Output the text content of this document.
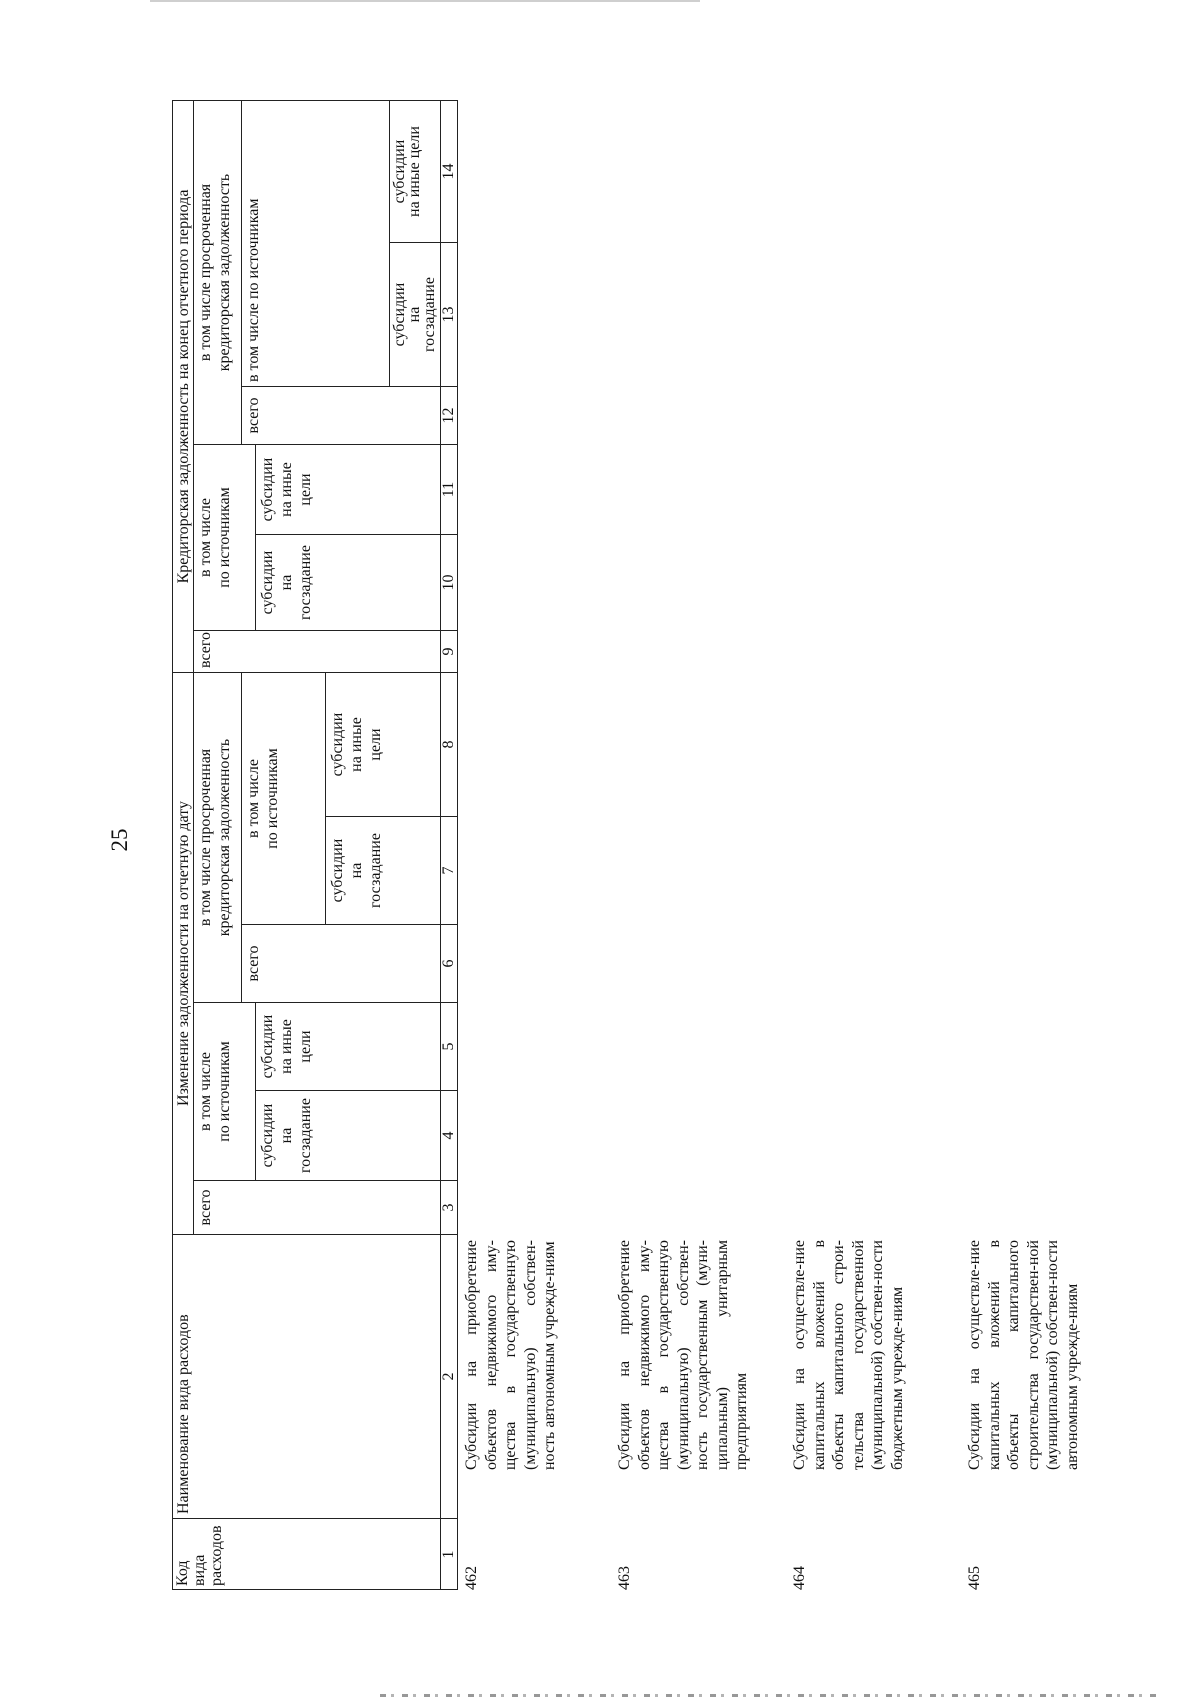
25
Код
вида
расходов
Наименование вида расходов
Изменение задолженности на отчетную дату
Кредиторская задолженность на конец отчетного периода
всего
в том числе
по источникам
субсидии
на
госзадание
субсидии
на иные
цели
в том числе просроченная
кредиторская задолженность
всего
в том числе
по источникам
субсидии
на
госзадание
субсидии
на иные
цели
всего
в том числе
по источникам
субсидии
на
госзадание
субсидии
на иные
цели
в том числе просроченная
кредиторская задолженность
всего
в том числе по источникам	субсидии
на
госзадание
субсидии
на иные цели
1
2
3
4
5
6
7
8
9
10
11
12
13
14
462
Субсидии на приобретение объектов недвижимого иму-щества в государственную (муниципальную) собствен-ность автономным учрежде-ниям
463
Субсидии на приобретение объектов недвижимого иму-щества в государственную (муниципальную) собствен-ность государственным (муни-ципальным) унитарным предприятиям
464
Субсидии на осуществле-ние капитальных вложений в объекты капитального строи-тельства государственной (муниципальной) собствен-ности бюджетным учрежде-ниям
465
Субсидии на осуществле-ние капитальных вложений в объекты капитального строительства государствен-ной (муниципальной) собствен-ности автономным учрежде-ниям
